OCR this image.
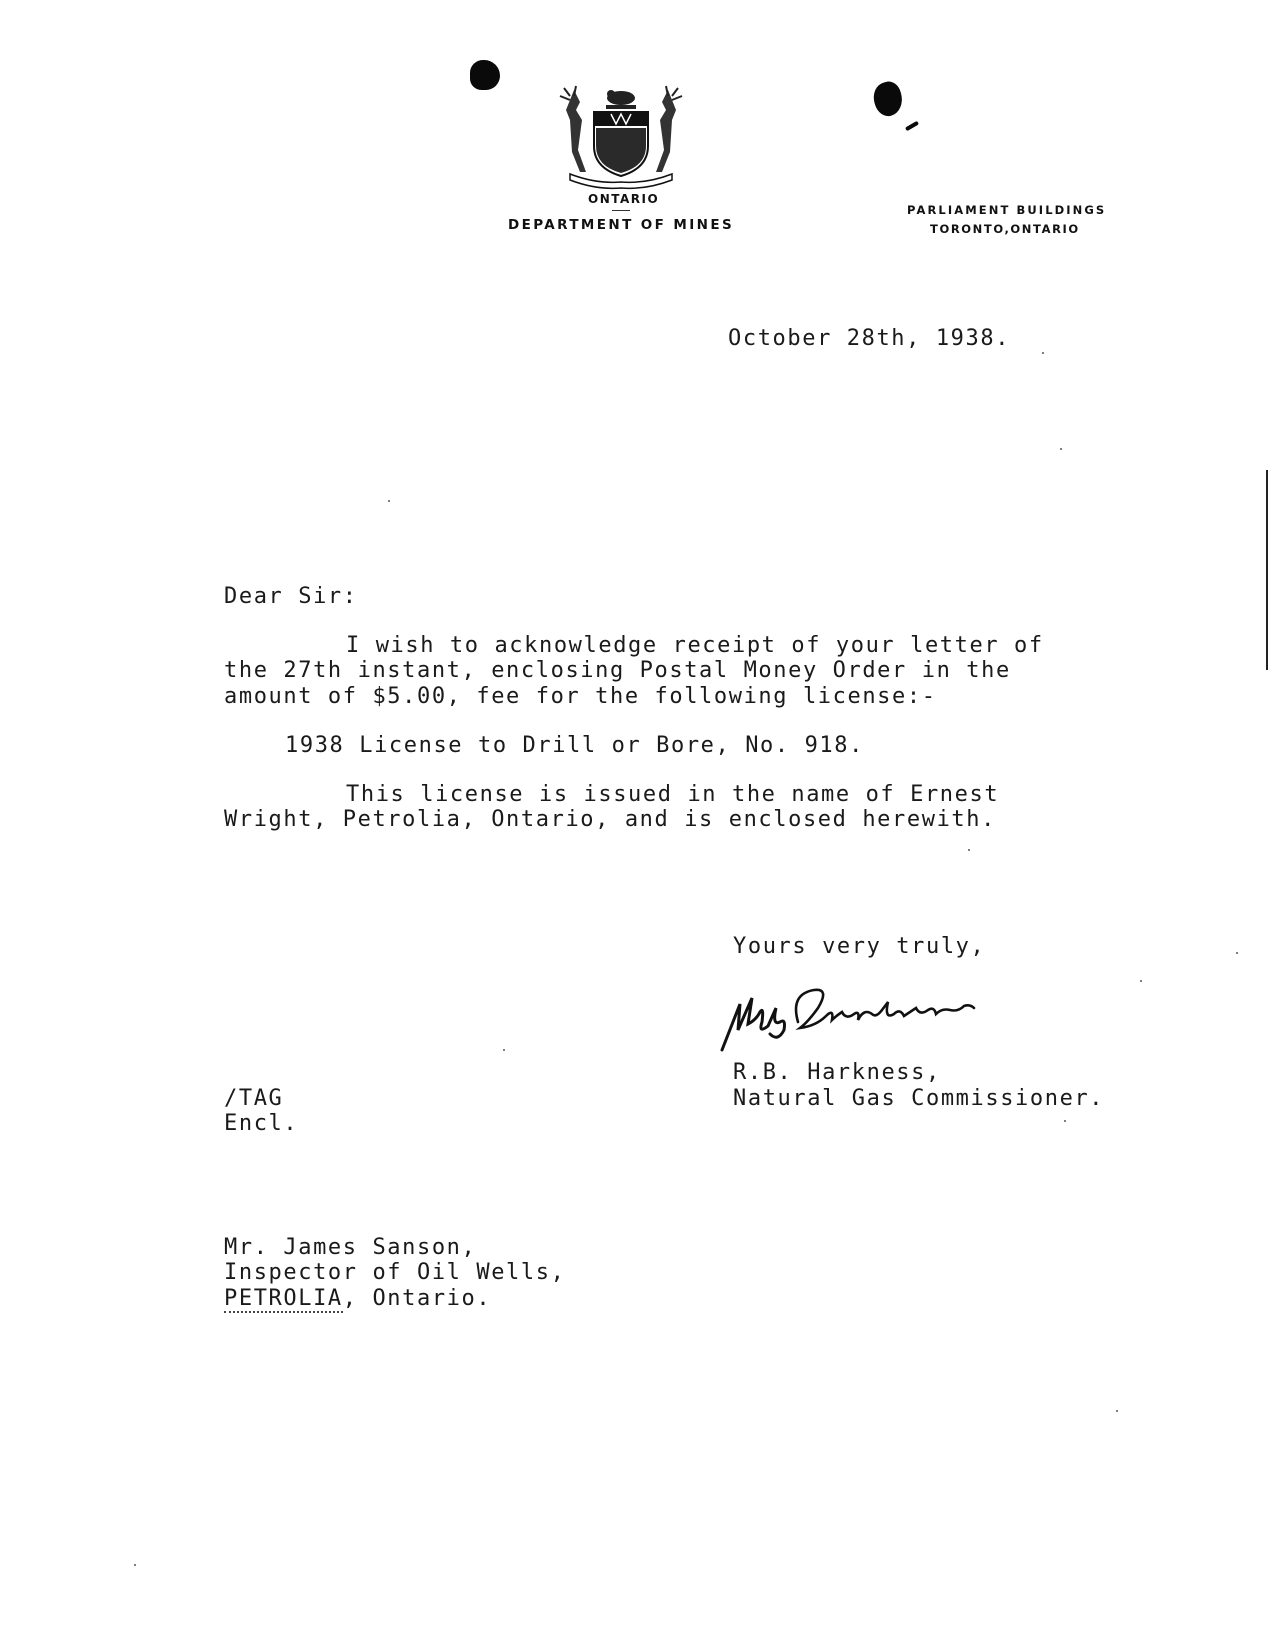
ONTARIO
DEPARTMENT OF MINES
PARLIAMENT BUILDINGS
TORONTO,ONTARIO
October 28th, 1938.
Dear Sir:
I wish to acknowledge receipt of your letter of
the 27th instant, enclosing Postal Money Order in the
amount of $5.00, fee for the following license:-
1938 License to Drill or Bore, No. 918.
This license is issued in the name of Ernest
Wright, Petrolia, Ontario, and is enclosed herewith.
Yours very truly,
R.B. Harkness,
Natural Gas Commissioner.
/TAG
Encl.
Mr. James Sanson,
Inspector of Oil Wells,
PETROLIA, Ontario.
